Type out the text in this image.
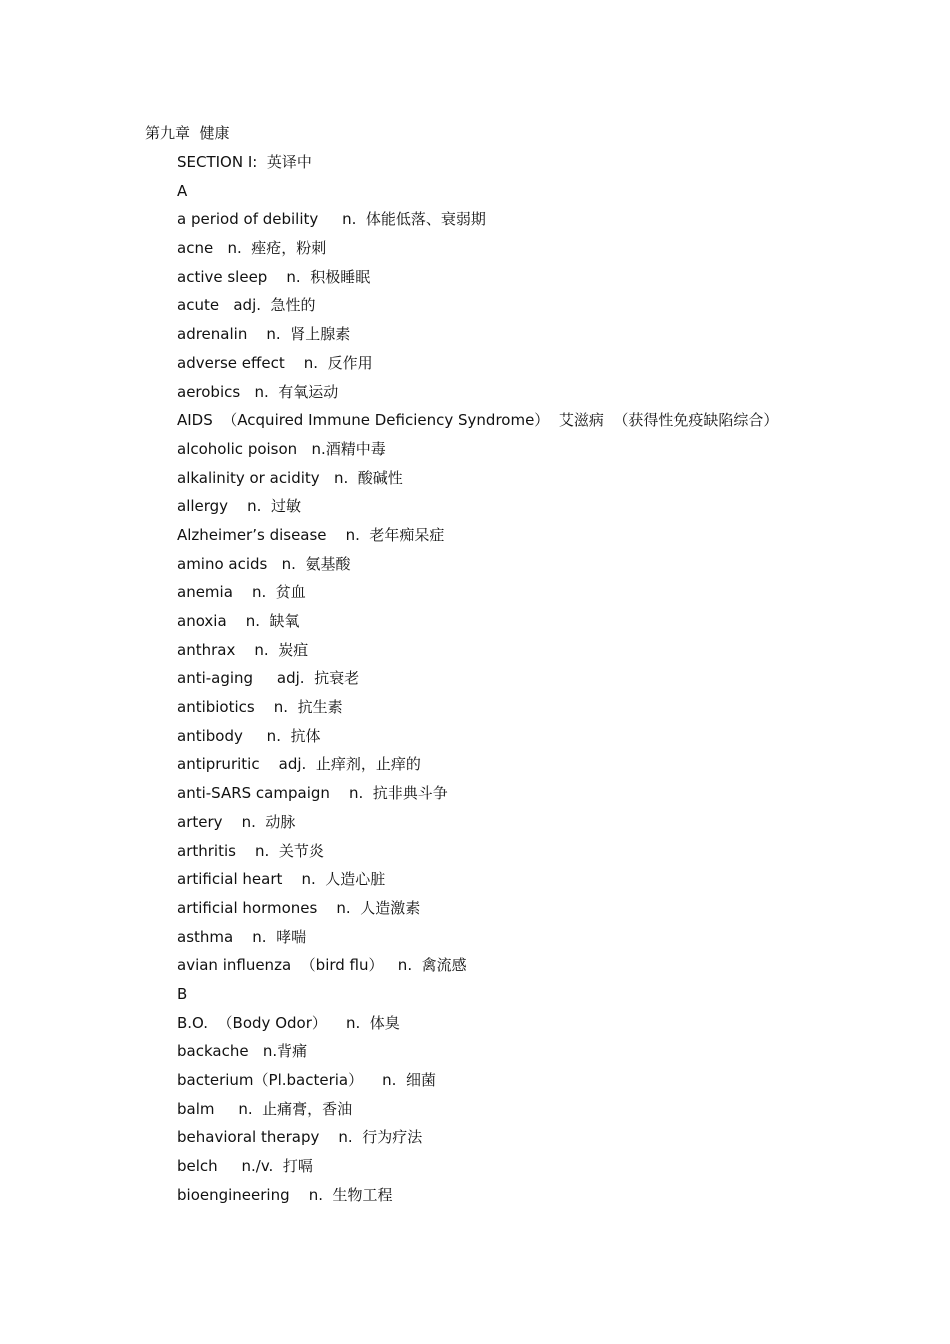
第九章  健康
SECTION I:  英译中
A
a period of debility     n.  体能低落、衰弱期
acne   n.  痤疮，粉刺
active sleep    n.  积极睡眠
acute   adj.  急性的
adrenalin    n.  肾上腺素
adverse effect    n.  反作用
aerobics   n.  有氧运动
AIDS  （Acquired Immune Deficiency Syndrome）  艾滋病  （获得性免疫缺陷综合）
alcoholic poison   n.酒精中毒
alkalinity or acidity   n.  酸碱性
allergy    n.  过敏
Alzheimer’s disease    n.  老年痴呆症
amino acids   n.  氨基酸
anemia    n.  贫血
anoxia    n.  缺氧
anthrax    n.  炭疽
anti-aging     adj.  抗衰老
antibiotics    n.  抗生素
antibody     n.  抗体
antipruritic    adj.  止痒剂，止痒的
anti-SARS campaign    n.  抗非典斗争
artery    n.  动脉
arthritis    n.  关节炎
artificial heart    n.  人造心脏
artificial hormones    n.  人造激素
asthma    n.  哮喘
avian influenza  （bird flu）   n.  禽流感
B
B.O.  （Body Odor）    n.  体臭
backache   n.背痛
bacterium（Pl.bacteria）    n.  细菌
balm     n.  止痛膏，香油
behavioral therapy    n.  行为疗法
belch     n./v.  打嗝
bioengineering    n.  生物工程
